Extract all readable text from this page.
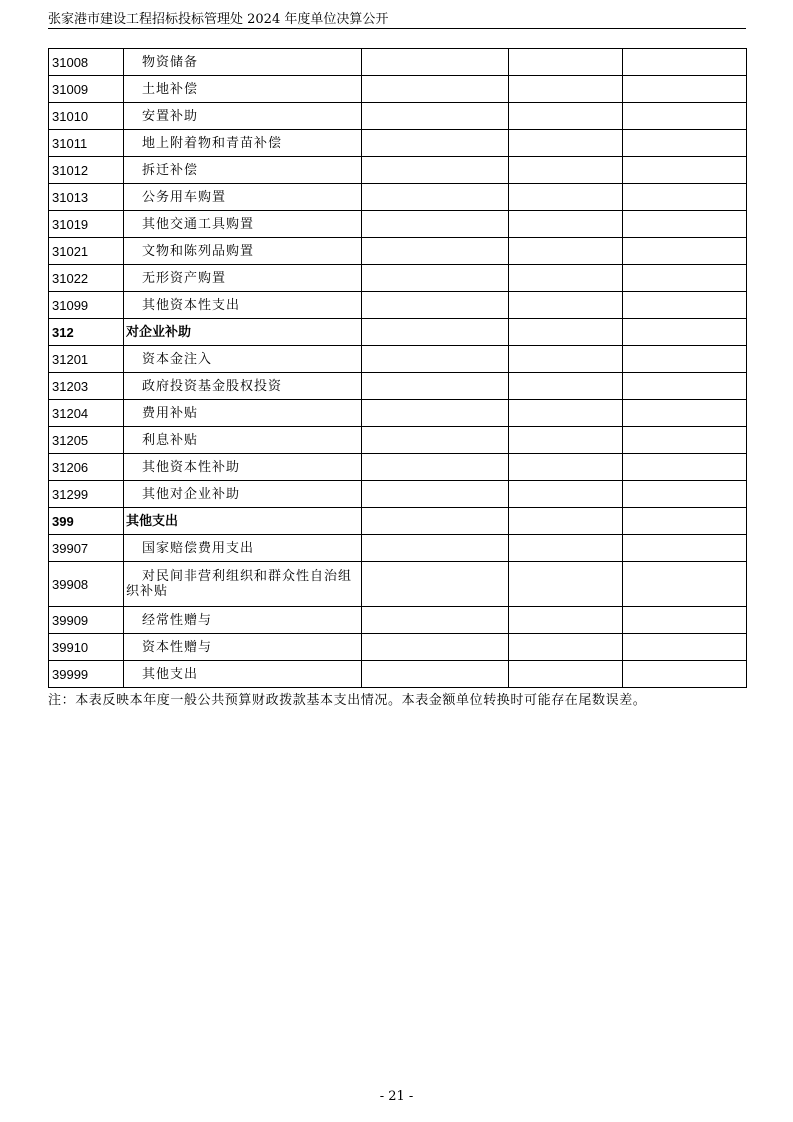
张家港市建设工程招标投标管理处 2024 年度单位决算公开
31008	物资储备			
31009	土地补偿			
31010	安置补助			
31011	地上附着物和青苗补偿			
31012	拆迁补偿			
31013	公务用车购置			
31019	其他交通工具购置			
31021	文物和陈列品购置			
31022	无形资产购置			
31099	其他资本性支出			
312	对企业补助			
31201	资本金注入			
31203	政府投资基金股权投资			
31204	费用补贴			
31205	利息补贴			
31206	其他资本性补助			
31299	其他对企业补助			
399	其他支出			
39907	国家赔偿费用支出			
39908	对民间非营利组织和群众性自治组织补贴			
39909	经常性赠与			
39910	资本性赠与			
39999	其他支出			
注：本表反映本年度一般公共预算财政拨款基本支出情况。本表金额单位转换时可能存在尾数误差。
- 21 -
